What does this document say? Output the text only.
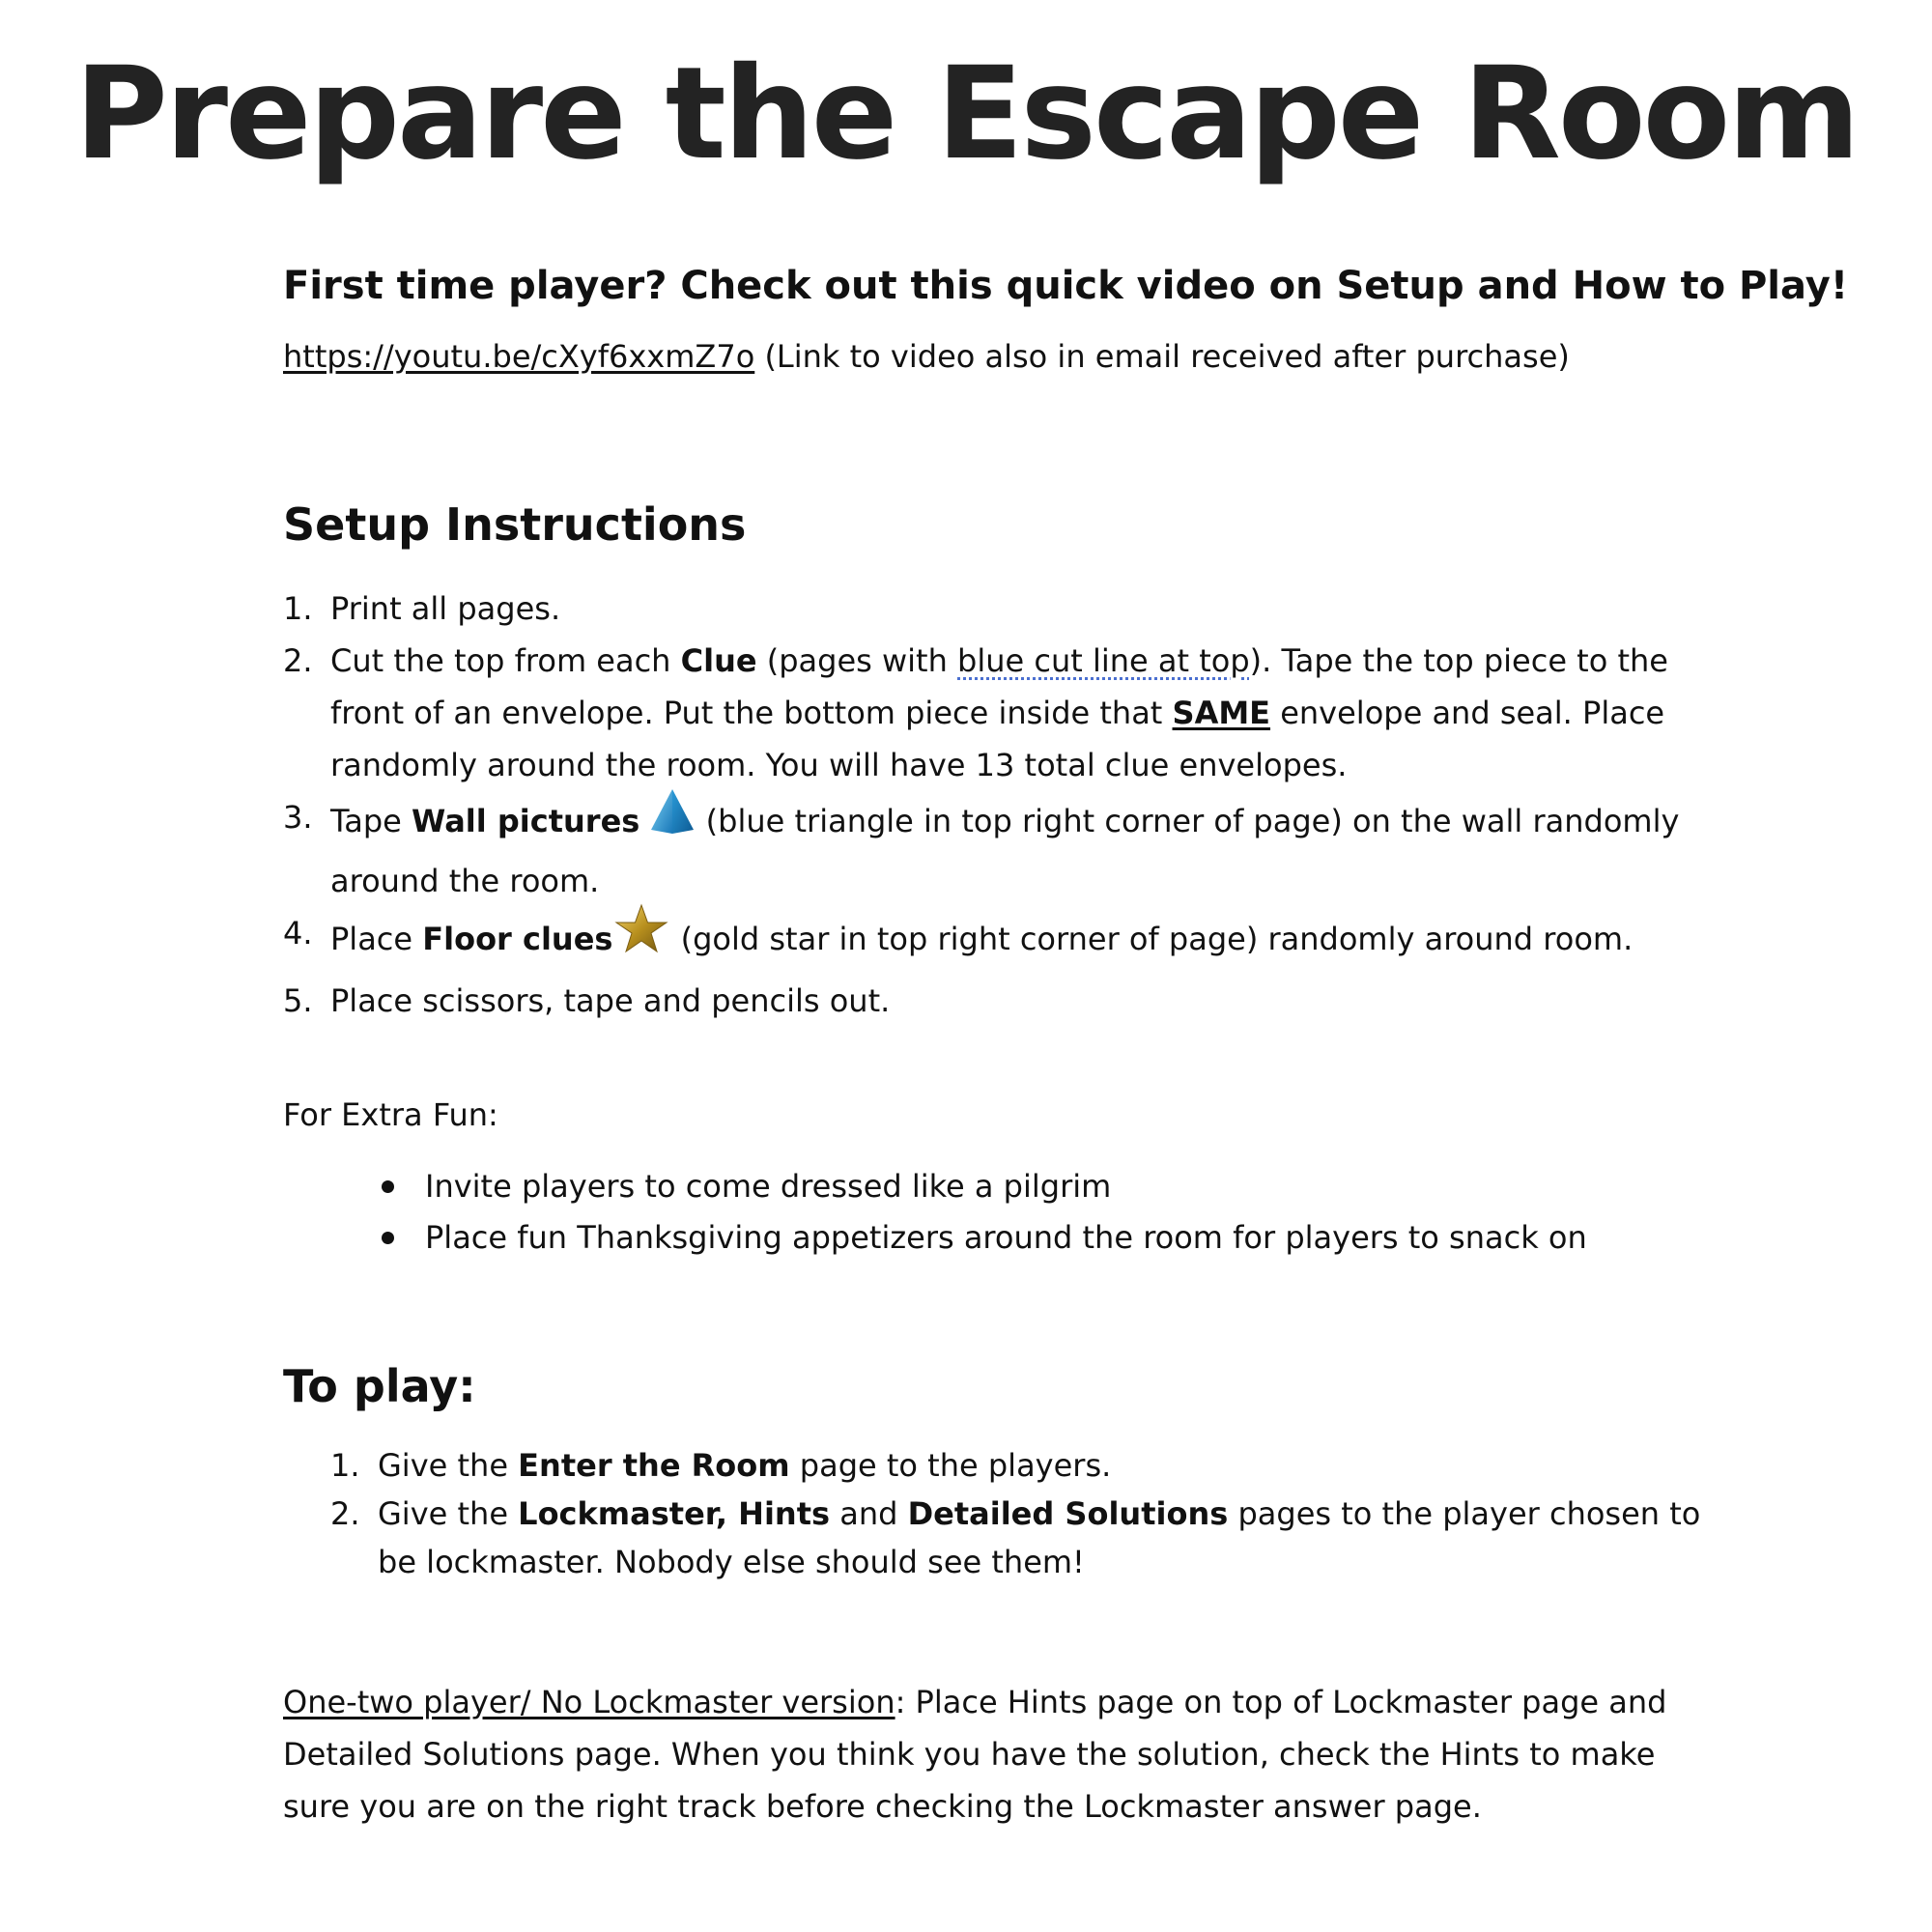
Prepare the Escape Room

First time player? Check out this quick video on Setup and How to Play!

https://youtu.be/cXyf6xxmZ7o (Link to video also in email received after purchase)

Setup Instructions
1. Print all pages.
2. Cut the top from each Clue (pages with blue cut line at top). Tape the top piece to the front of an envelope. Put the bottom piece inside that SAME envelope and seal. Place randomly around the room. You will have 13 total clue envelopes.
3. Tape Wall pictures  (blue triangle in top right corner of page) on the wall randomly around the room.
4. Place Floor clues (gold star in top right corner of page) randomly around room.
5. Place scissors, tape and pencils out.

For Extra Fun:

Invite players to come dressed like a pilgrim
Place fun Thanksgiving appetizers around the room for players to snack on
To play:
1. Give the Enter the Room page to the players.
2. Give the Lockmaster, Hints and Detailed Solutions pages to the player chosen to be lockmaster. Nobody else should see them!

One-two player/ No Lockmaster version: Place Hints page on top of Lockmaster page and Detailed Solutions page. When you think you have the solution, check the Hints to make sure you are on the right track before checking the Lockmaster answer page.
